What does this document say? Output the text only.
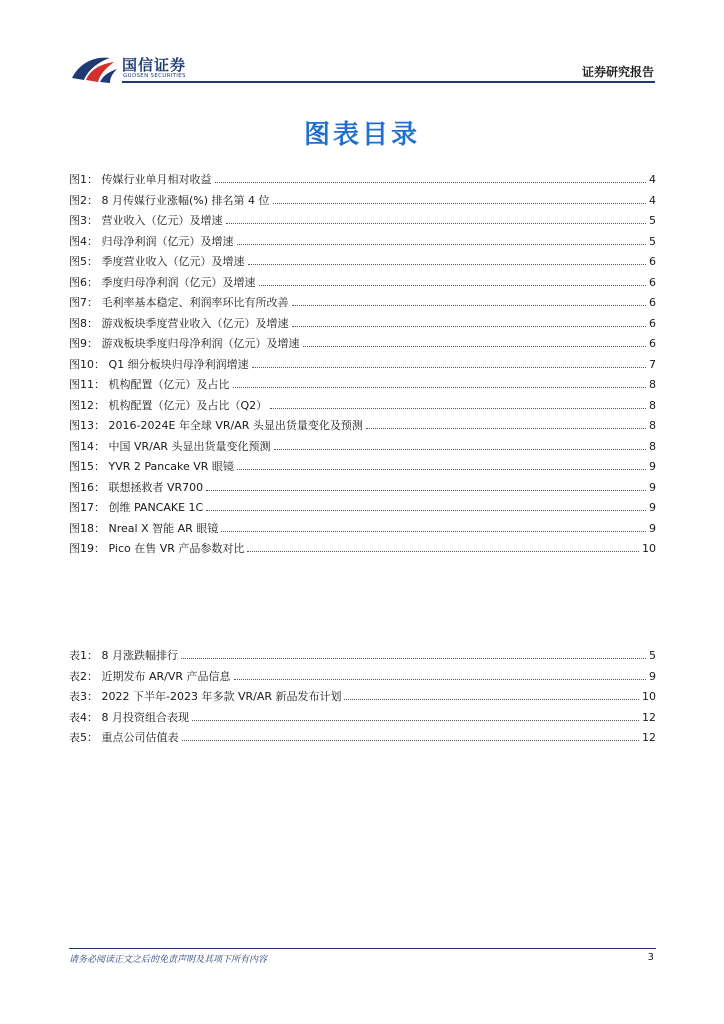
国信证券
GUOSEN SECURITIES	证券研究报告
图表目录
图1： 传媒行业单月相对收益	4
图2： 8 月传媒行业涨幅(%) 排名第 4 位	4
图3： 营业收入（亿元）及增速	5
图4： 归母净利润（亿元）及增速	5
图5： 季度营业收入（亿元）及增速	6
图6： 季度归母净利润（亿元）及增速	6
图7： 毛利率基本稳定、利润率环比有所改善	6
图8： 游戏板块季度营业收入（亿元）及增速	6
图9： 游戏板块季度归母净利润（亿元）及增速	6
图10： Q1 细分板块归母净利润增速	7
图11： 机构配置（亿元）及占比	8
图12： 机构配置（亿元）及占比（Q2）	8
图13： 2016-2024E 年全球 VR/AR 头显出货量变化及预测	8
图14： 中国 VR/AR 头显出货量变化预测	8
图15： YVR 2 Pancake VR 眼镜	9
图16： 联想拯救者 VR700	9
图17： 创维 PANCAKE 1C	9
图18： Nreal X 智能 AR 眼镜	9
图19： Pico 在售 VR 产品参数对比	10
表1： 8 月涨跌幅排行	5
表2： 近期发布 AR/VR 产品信息	9
表3： 2022 下半年-2023 年多款 VR/AR 新品发布计划	10
表4： 8 月投资组合表现	12
表5： 重点公司估值表	12
请务必阅读正文之后的免责声明及其项下所有内容	3
